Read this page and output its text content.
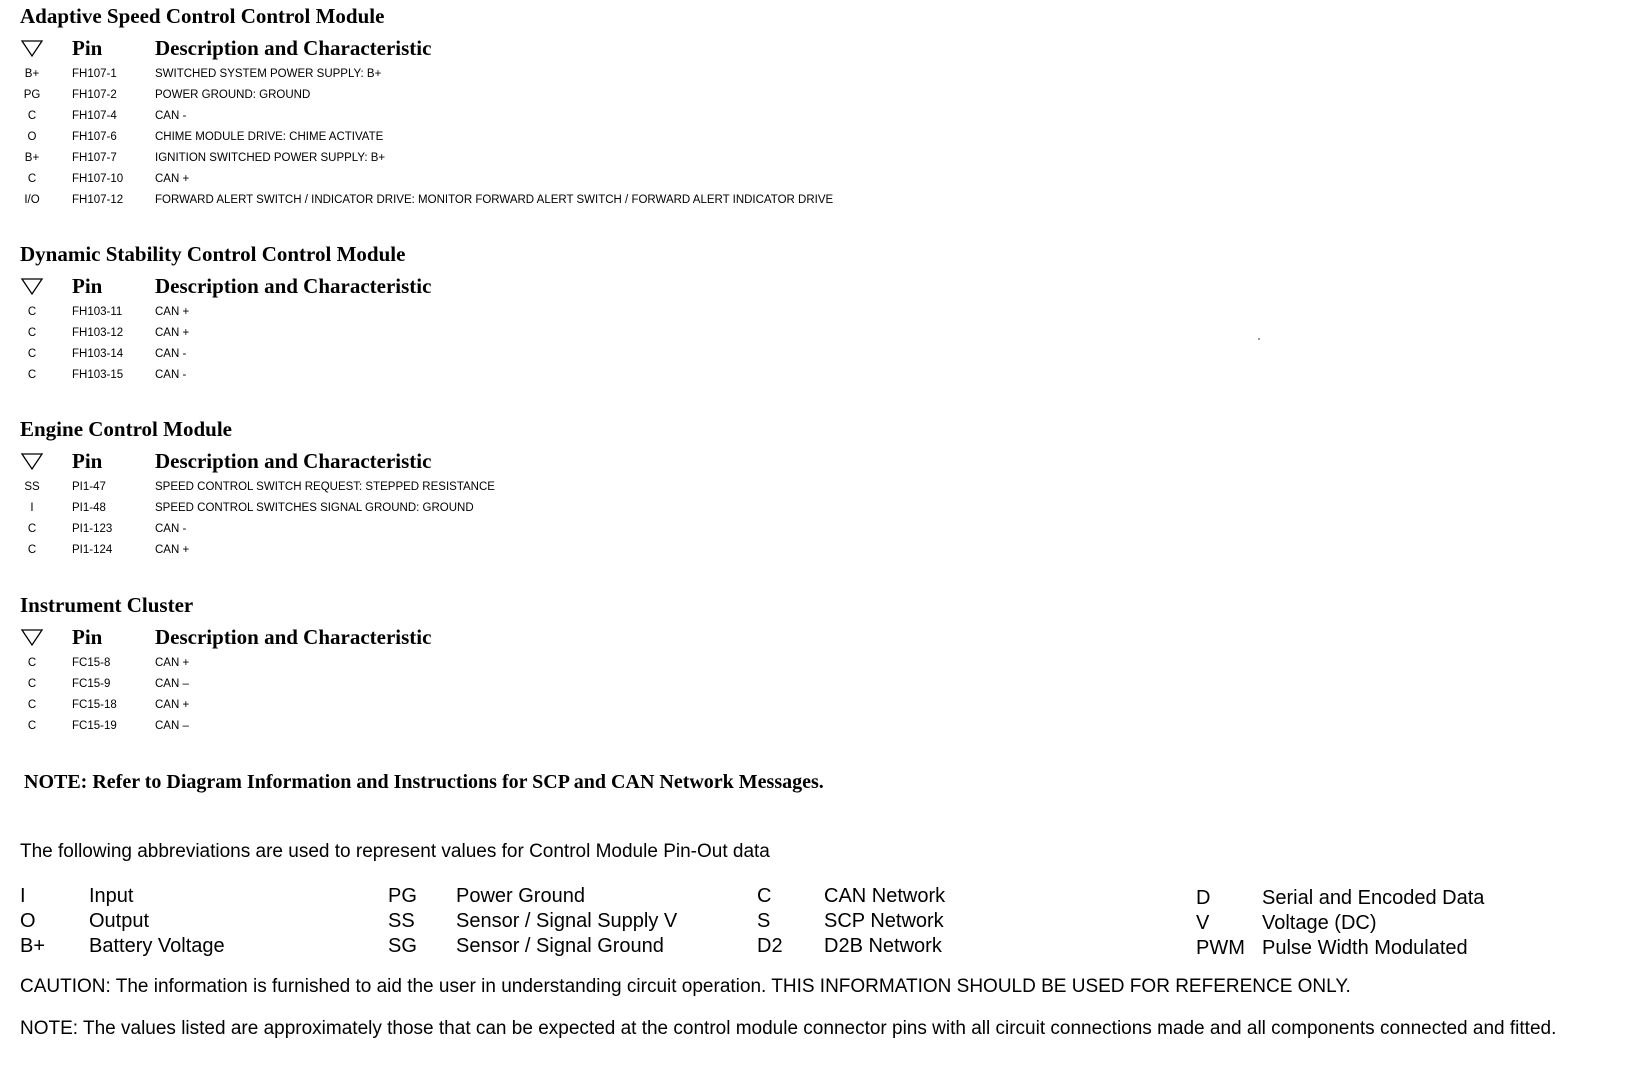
Adaptive Speed Control Control Module
Pin	Description and Characteristic
B+	FH107-1	SWITCHED SYSTEM POWER SUPPLY: B+
PG	FH107-2	POWER GROUND: GROUND
C	FH107-4	CAN -
O	FH107-6	CHIME MODULE DRIVE: CHIME ACTIVATE
B+	FH107-7	IGNITION SWITCHED POWER SUPPLY: B+
C	FH107-10	CAN +
I/O	FH107-12	FORWARD ALERT SWITCH / INDICATOR DRIVE: MONITOR FORWARD ALERT SWITCH / FORWARD ALERT INDICATOR DRIVE
Dynamic Stability Control Control Module
Pin	Description and Characteristic
C	FH103-11	CAN +
C	FH103-12	CAN +
C	FH103-14	CAN -
C	FH103-15	CAN -
Engine Control Module
Pin	Description and Characteristic
SS	PI1-47	SPEED CONTROL SWITCH REQUEST: STEPPED RESISTANCE
I	PI1-48	SPEED CONTROL SWITCHES SIGNAL GROUND: GROUND
C	PI1-123	CAN -
C	PI1-124	CAN +
Instrument Cluster
Pin	Description and Characteristic
C	FC15-8	CAN +
C	FC15-9	CAN –
C	FC15-18	CAN +
C	FC15-19	CAN –
NOTE: Refer to Diagram Information and Instructions for SCP and CAN Network Messages.
The following abbreviations are used to represent values for Control Module Pin-Out data
I	Input
O	Output
B+ Battery Voltage
PG Power Ground
SS Sensor / Signal Supply V
SG Sensor / Signal Ground
C	CAN Network
S	SCP Network
D2 D2B Network
D	Serial and Encoded Data
V	Voltage (DC)
PWM Pulse Width Modulated
CAUTION: The information is furnished to aid the user in understanding circuit operation. THIS INFORMATION SHOULD BE USED FOR REFERENCE ONLY.
NOTE: The values listed are approximately those that can be expected at the control module connector pins with all circuit connections made and all components connected and fitted.
